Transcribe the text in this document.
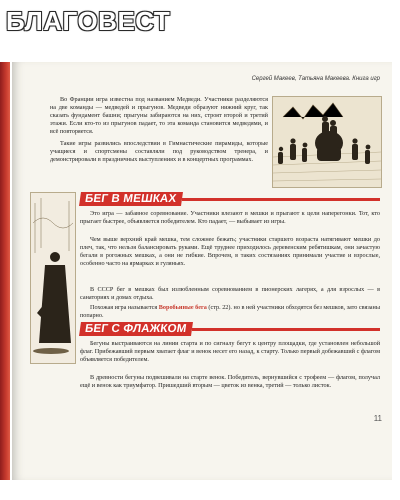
БЛАГОВЕСТ
Сергей Макеев, Татьяна Макеева. Книга игр

Во Франции игра известна под названием Медведи. Участники разделяются на две команды — медведей и прыгунов. Медведи образуют нижний круг, так сказать фундамент башни; прыгуны забираются на них, строят второй и третий этажи. Если кто-то из прыгунов падает, то эта команда становится медведями, и всё повторяется.

Такие игры развились впоследствии в Гимнастические пирамиды, которые учащиеся и спортсмены составляли под руководством тренера, и демонстрировали в праздничных выступлениях и в концертных программах.

БЕГ В МЕШКАХ

Это игра — забавное соревнование. Участники влезают в мешки и прыгают к цели наперегонки. Тот, кто прыгает быстрее, объявляется победителем. Кто падает, — выбывает из игры.

Чем выше верхний край мешка, тем сложнее бежать; участники старшего возраста натягивают мешки до плеч, так, что нельзя балансировать руками. Ещё труднее приходилось деревенским ребятишкам, они зачастую бегали в рогожных мешках, а они не гибкие. Впрочем, в таких состязаниях принимали участие и взрослые, особенно часто на ярмарках и гуляньях.

В СССР бег в мешках был излюбленным соревнованием в пионерских лагерях, а для взрослых — в санаториях и домах отдыха.

Похожая игра называется Воробьиные бега (стр. 22). но в ней участники обходятся без мешков, зато связаны попарно.

БЕГ С ФЛАЖКОМ

Бегуны выстраиваются на линии старта и по сигналу бегут к центру площадки, где установлен небольшой флаг. Прибежавший первым хватает флаг и венок несет его назад, к старту. Только первый добежавший с флагом объявляется победителем.

В древности бегуны подвешивали на старте венок. Победитель, вернувшийся с трофеем — флагом, получал ещё и венок как триумфатор. Пришедший вторым — цветок из венка, третий — только листок.

11
